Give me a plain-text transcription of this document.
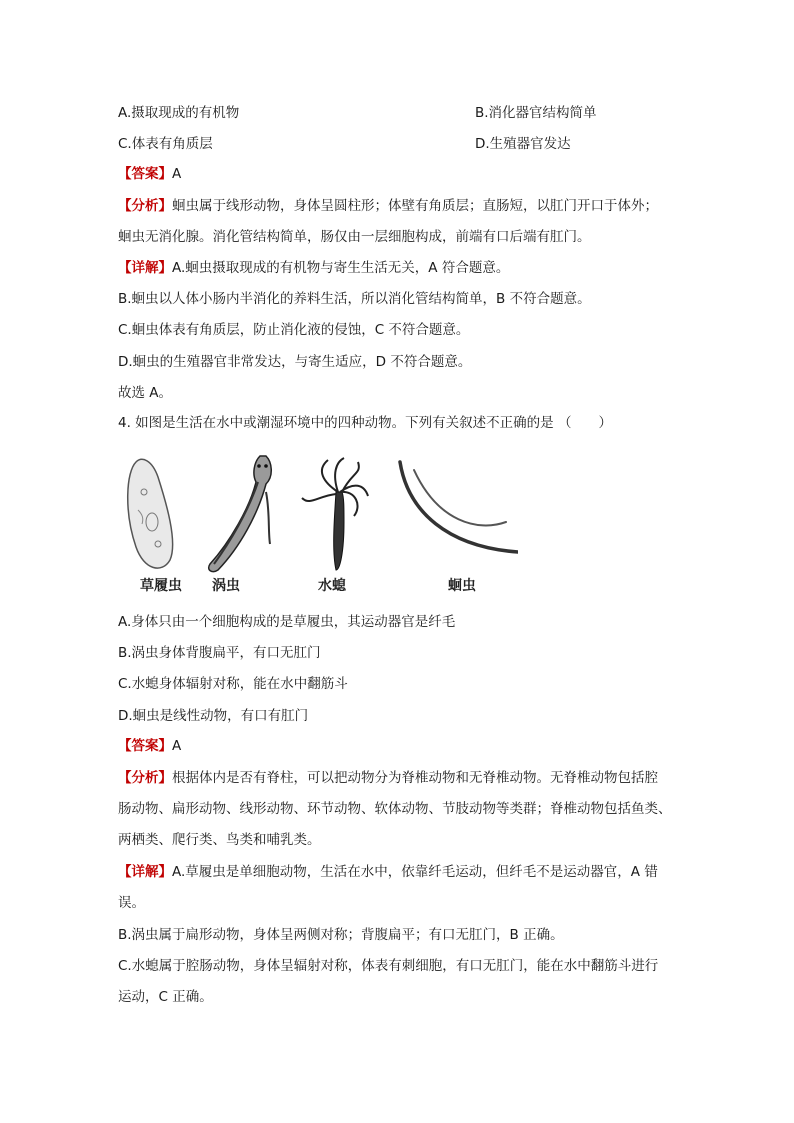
A.摄取现成的有机物	B.消化器官结构简单
C.体表有角质层	D.生殖器官发达
【答案】A
【分析】蛔虫属于线形动物，身体呈圆柱形；体壁有角质层；直肠短，以肛门开口于体外；
蛔虫无消化腺。消化管结构简单，肠仅由一层细胞构成，前端有口后端有肛门。
【详解】A.蛔虫摄取现成的有机物与寄生生活无关，A 符合题意。
B.蛔虫以人体小肠内半消化的养料生活，所以消化管结构简单，B 不符合题意。
C.蛔虫体表有角质层，防止消化液的侵蚀，C 不符合题意。
D.蛔虫的生殖器官非常发达，与寄生适应，D 不符合题意。
故选 A。
4. 如图是生活在水中或潮湿环境中的四种动物。下列有关叙述不正确的是 （　　）
草履虫 涡虫	水螅	蛔虫
A.身体只由一个细胞构成的是草履虫，其运动器官是纤毛
B.涡虫身体背腹扁平，有口无肛门
C.水螅身体辐射对称，能在水中翻筋斗
D.蛔虫是线性动物，有口有肛门
【答案】A
【分析】根据体内是否有脊柱，可以把动物分为脊椎动物和无脊椎动物。无脊椎动物包括腔
肠动物、扁形动物、线形动物、环节动物、软体动物、节肢动物等类群；脊椎动物包括鱼类、
两栖类、爬行类、鸟类和哺乳类。
【详解】A.草履虫是单细胞动物，生活在水中，依靠纤毛运动，但纤毛不是运动器官，A 错
误。
B.涡虫属于扁形动物，身体呈两侧对称；背腹扁平；有口无肛门，B 正确。
C.水螅属于腔肠动物，身体呈辐射对称，体表有刺细胞，有口无肛门，能在水中翻筋斗进行
运动，C 正确。
